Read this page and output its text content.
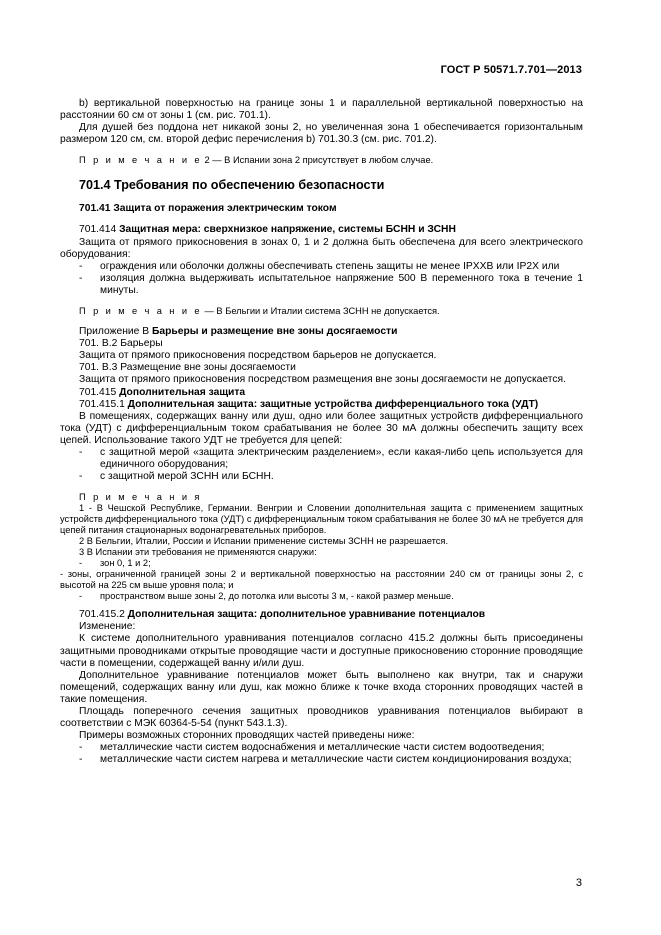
ГОСТ Р 50571.7.701—2013

b) вертикальной поверхностью на границе зоны 1 и параллельной вертикальной поверхностью на расстоянии 60 см от зоны 1 (см. рис. 701.1).

Для душей без поддона нет никакой зоны 2, но увеличенная зона 1 обеспечивается горизонтальным размером 120 см, см. второй дефис перечисления b) 701.30.3 (см. рис. 701.2).

П р и м е ч а н и е 2 — В Испании зона 2 присутствует в любом случае.

701.4 Требования по обеспечению безопасности
701.41 Защита от поражения электрическим током

701.414 Защитная мера: сверхнизкое напряжение, системы БСНН и ЗСНН

Защита от прямого прикосновения в зонах 0, 1 и 2 должна быть обеспечена для всего электрического оборудования:

- ограждения или оболочки должны обеспечивать степень защиты не менее IPXXB или IP2X или

- изоляция должна выдерживать испытательное напряжение 500 В переменного тока в течение 1 минуты.

П р и м е ч а н и е — В Бельгии и Италии система ЗСНН не допускается.

Приложение В Барьеры и размещение вне зоны досягаемости

701. В.2 Барьеры

Защита от прямого прикосновения посредством барьеров не допускается.

701. В.3 Размещение вне зоны досягаемости

Защита от прямого прикосновения посредством размещения вне зоны досягаемости не допускается.

701.415 Дополнительная защита

701.415.1 Дополнительная защита: защитные устройства дифференциального тока (УДТ)

В помещениях, содержащих ванну или душ, одно или более защитных устройств дифференциального тока (УДТ) с дифференциальным током срабатывания не более 30 мА должны обеспечить защиту всех цепей. Использование такого УДТ не требуется для цепей:

- с защитной мерой «защита электрическим разделением», если какая-либо цепь используется для единичного оборудования;

- с защитной мерой ЗСНН или БСНН.

П р и м е ч а н и я

1 - В Чешской Республике, Германии. Венгрии и Словении дополнительная защита с применением защитных устройств дифференциального тока (УДТ) с дифференциальным током срабатывания не более 30 мА не требуется для цепей питания стационарных водонагревательных приборов.

2 В Бельгии, Италии, России и Испании применение системы ЗСНН не разрешается.

3 В Испании эти требования не применяются снаружи:

- зон 0, 1 и 2;

- зоны, ограниченной границей зоны 2 и вертикальной поверхностью на расстоянии 240 см от границы зоны 2, с высотой на 225 см выше уровня пола; и

- пространством выше зоны 2, до потолка или высоты 3 м, - какой размер меньше.

701.415.2 Дополнительная защита: дополнительное уравнивание потенциалов

Изменение:

К системе дополнительного уравнивания потенциалов согласно 415.2 должны быть присоединены защитными проводниками открытые проводящие части и доступные прикосновению сторонние проводящие части в помещении, содержащей ванну и/или душ.

Дополнительное уравнивание потенциалов может быть выполнено как внутри, так и снаружи помещений, содержащих ванну или душ, как можно ближе к точке входа сторонних проводящих частей в такие помещения.

Площадь поперечного сечения защитных проводников уравнивания потенциалов выбирают в соответствии с МЭК 60364-5-54 (пункт 543.1.3).

Примеры возможных сторонних проводящих частей приведены ниже:

- металлические части систем водоснабжения и металлические части систем водоотведения;

- металлические части систем нагрева и металлические части систем кондиционирования воздуха;

3
